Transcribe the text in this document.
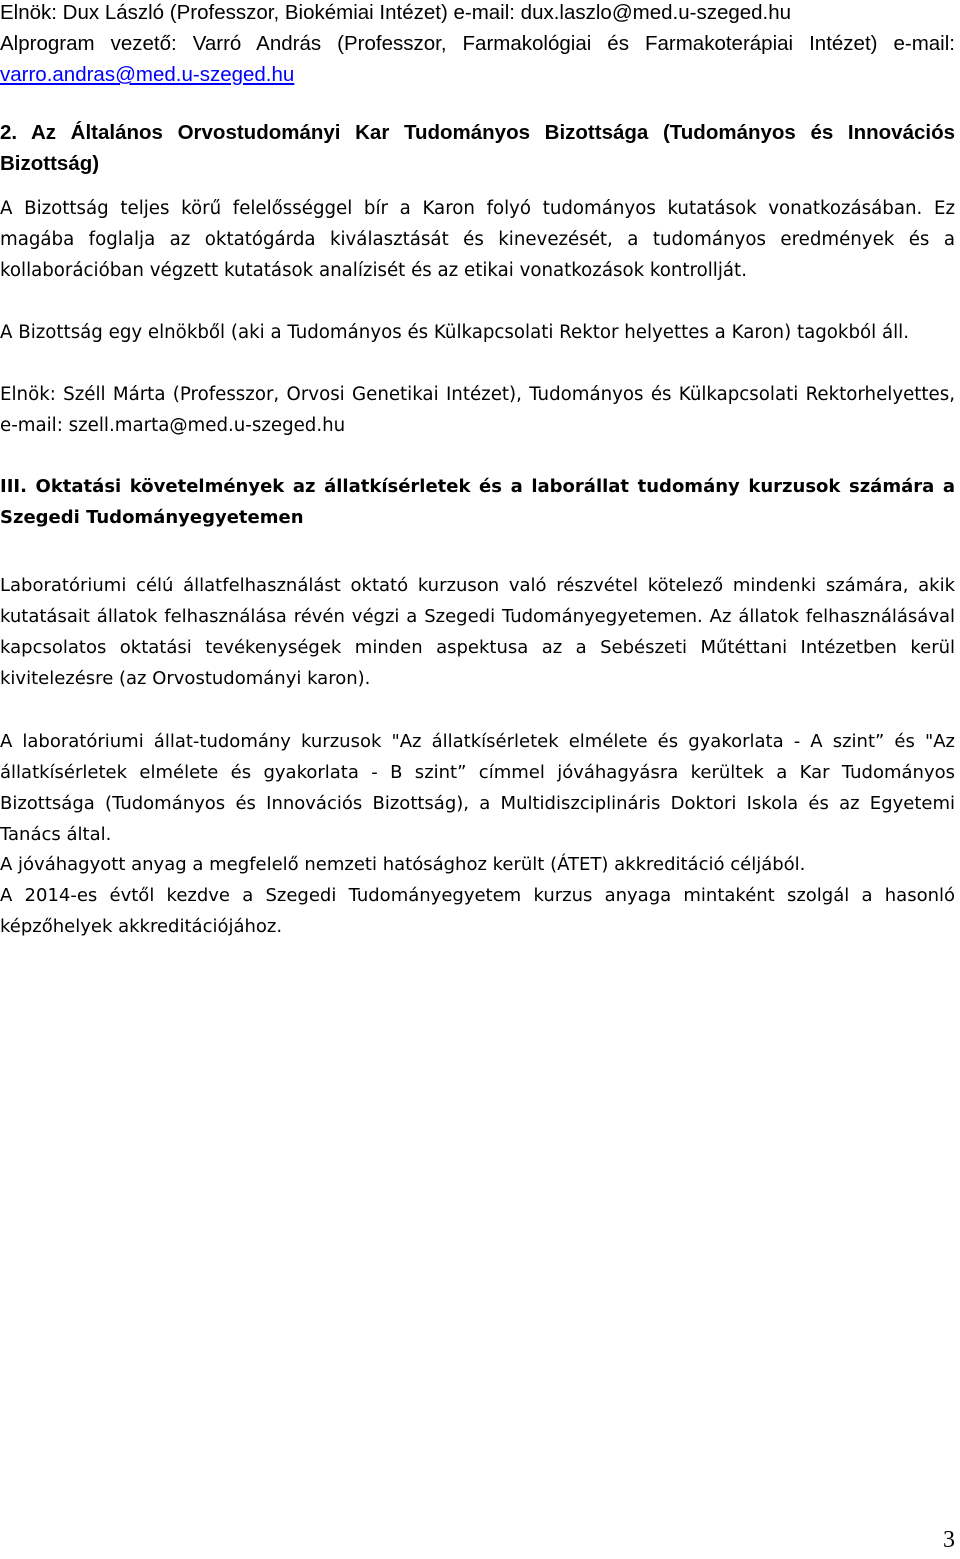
Elnök: Dux László (Professzor, Biokémiai Intézet) e-mail: dux.laszlo@med.u-szeged.hu

Alprogram vezető: Varró András (Professzor, Farmakológiai és Farmakoterápiai Intézet) e-mail: varro.andras@med.u-szeged.hu

2. Az Általános Orvostudományi Kar Tudományos Bizottsága (Tudományos és Innovációs Bizottság)

A Bizottság teljes körű felelősséggel bír a Karon folyó tudományos kutatások vonatkozásában. Ez magába foglalja az oktatógárda kiválasztását és kinevezését, a tudományos eredmények és a kollaborációban végzett kutatások analízisét és az etikai vonatkozások kontrollját.

A Bizottság egy elnökből (aki a Tudományos és Külkapcsolati Rektor helyettes a Karon) tagokból áll.

Elnök: Széll Márta (Professzor, Orvosi Genetikai Intézet), Tudományos és Külkapcsolati Rektorhelyettes, e-mail: szell.marta@med.u-szeged.hu

III. Oktatási követelmények az állatkísérletek és a laborállat tudomány kurzusok számára a Szegedi Tudományegyetemen

Laboratóriumi célú állatfelhasználást oktató kurzuson való részvétel kötelező mindenki számára, akik kutatásait állatok felhasználása révén végzi a Szegedi Tudományegyetemen. Az állatok felhasználásával kapcsolatos oktatási tevékenységek minden aspektusa az a Sebészeti Műtéttani Intézetben kerül kivitelezésre (az Orvostudományi karon).

A laboratóriumi állat-tudomány kurzusok "Az állatkísérletek elmélete és gyakorlata - A szint” és "Az állatkísérletek elmélete és gyakorlata - B szint” címmel jóváhagyásra kerültek a Kar Tudományos Bizottsága (Tudományos és Innovációs Bizottság), a Multidiszciplináris Doktori Iskola és az Egyetemi Tanács által.

A jóváhagyott anyag a megfelelő nemzeti hatósághoz került (ÁTET) akkreditáció céljából.

A 2014-es évtől kezdve a Szegedi Tudományegyetem kurzus anyaga mintaként szolgál a hasonló képzőhelyek akkreditációjához.

3
